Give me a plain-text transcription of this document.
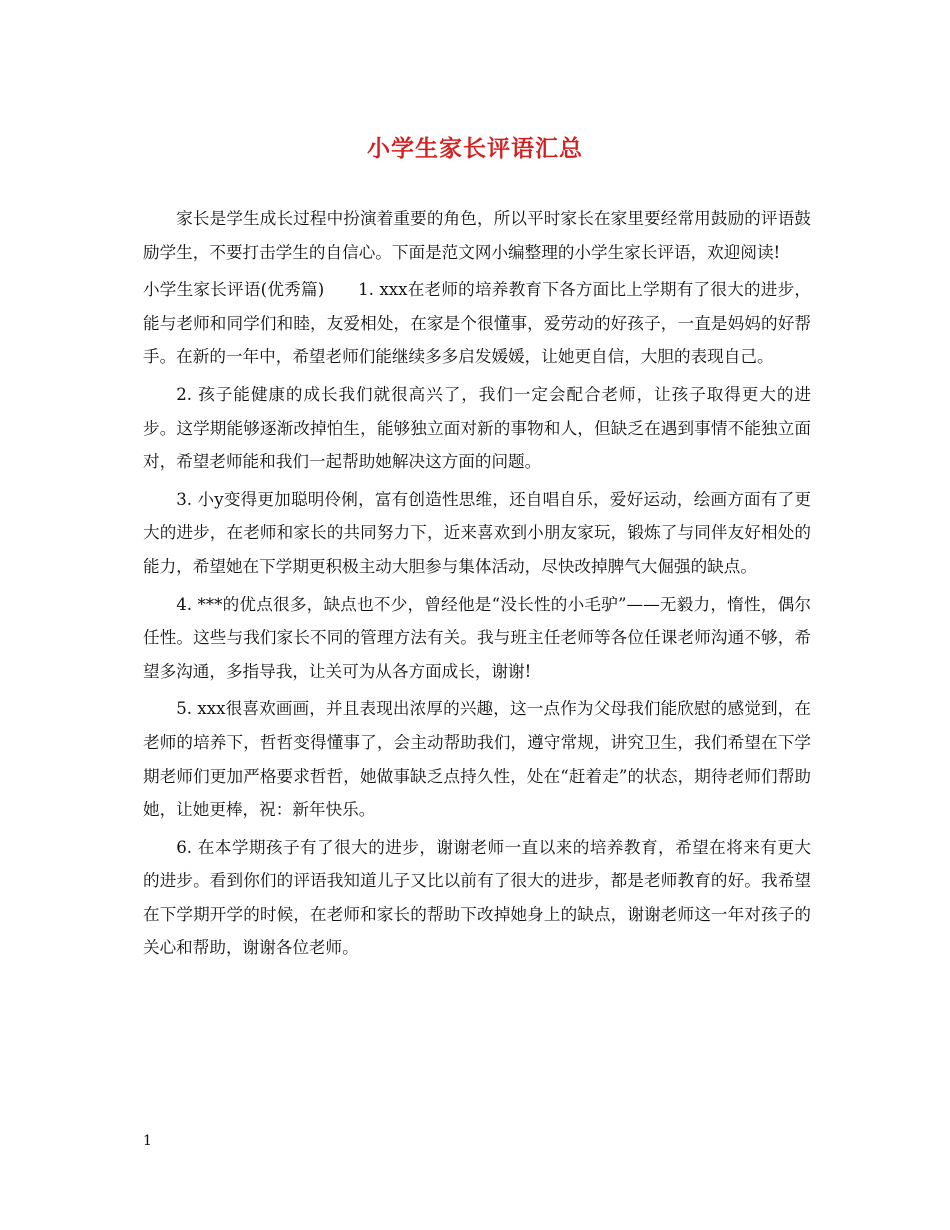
小学生家长评语汇总

家长是学生成长过程中扮演着重要的角色，所以平时家长在家里要经常用鼓励的评语鼓励学生，不要打击学生的自信心。下面是范文网小编整理的小学生家长评语，欢迎阅读!

小学生家长评语(优秀篇)　　1. xxx在老师的培养教育下各方面比上学期有了很大的进步，能与老师和同学们和睦，友爱相处，在家是个很懂事，爱劳动的好孩子，一直是妈妈的好帮手。在新的一年中，希望老师们能继续多多启发媛媛，让她更自信，大胆的表现自己。

2. 孩子能健康的成长我们就很高兴了，我们一定会配合老师，让孩子取得更大的进步。这学期能够逐渐改掉怕生，能够独立面对新的事物和人，但缺乏在遇到事情不能独立面对，希望老师能和我们一起帮助她解决这方面的问题。

3. 小y变得更加聪明伶俐，富有创造性思维，还自唱自乐，爱好运动，绘画方面有了更大的进步，在老师和家长的共同努力下，近来喜欢到小朋友家玩，锻炼了与同伴友好相处的能力，希望她在下学期更积极主动大胆参与集体活动，尽快改掉脾气大倔强的缺点。

4. ***的优点很多，缺点也不少，曾经他是“没长性的小毛驴”——无毅力，惰性，偶尔任性。这些与我们家长不同的管理方法有关。我与班主任老师等各位任课老师沟通不够，希望多沟通，多指导我，让关可为从各方面成长，谢谢!

5. xxx很喜欢画画，并且表现出浓厚的兴趣，这一点作为父母我们能欣慰的感觉到，在老师的培养下，哲哲变得懂事了，会主动帮助我们，遵守常规，讲究卫生，我们希望在下学期老师们更加严格要求哲哲，她做事缺乏点持久性，处在“赶着走”的状态，期待老师们帮助她，让她更棒，祝：新年快乐。

6. 在本学期孩子有了很大的进步，谢谢老师一直以来的培养教育，希望在将来有更大的进步。看到你们的评语我知道儿子又比以前有了很大的进步，都是老师教育的好。我希望在下学期开学的时候，在老师和家长的帮助下改掉她身上的缺点，谢谢老师这一年对孩子的关心和帮助，谢谢各位老师。

1
